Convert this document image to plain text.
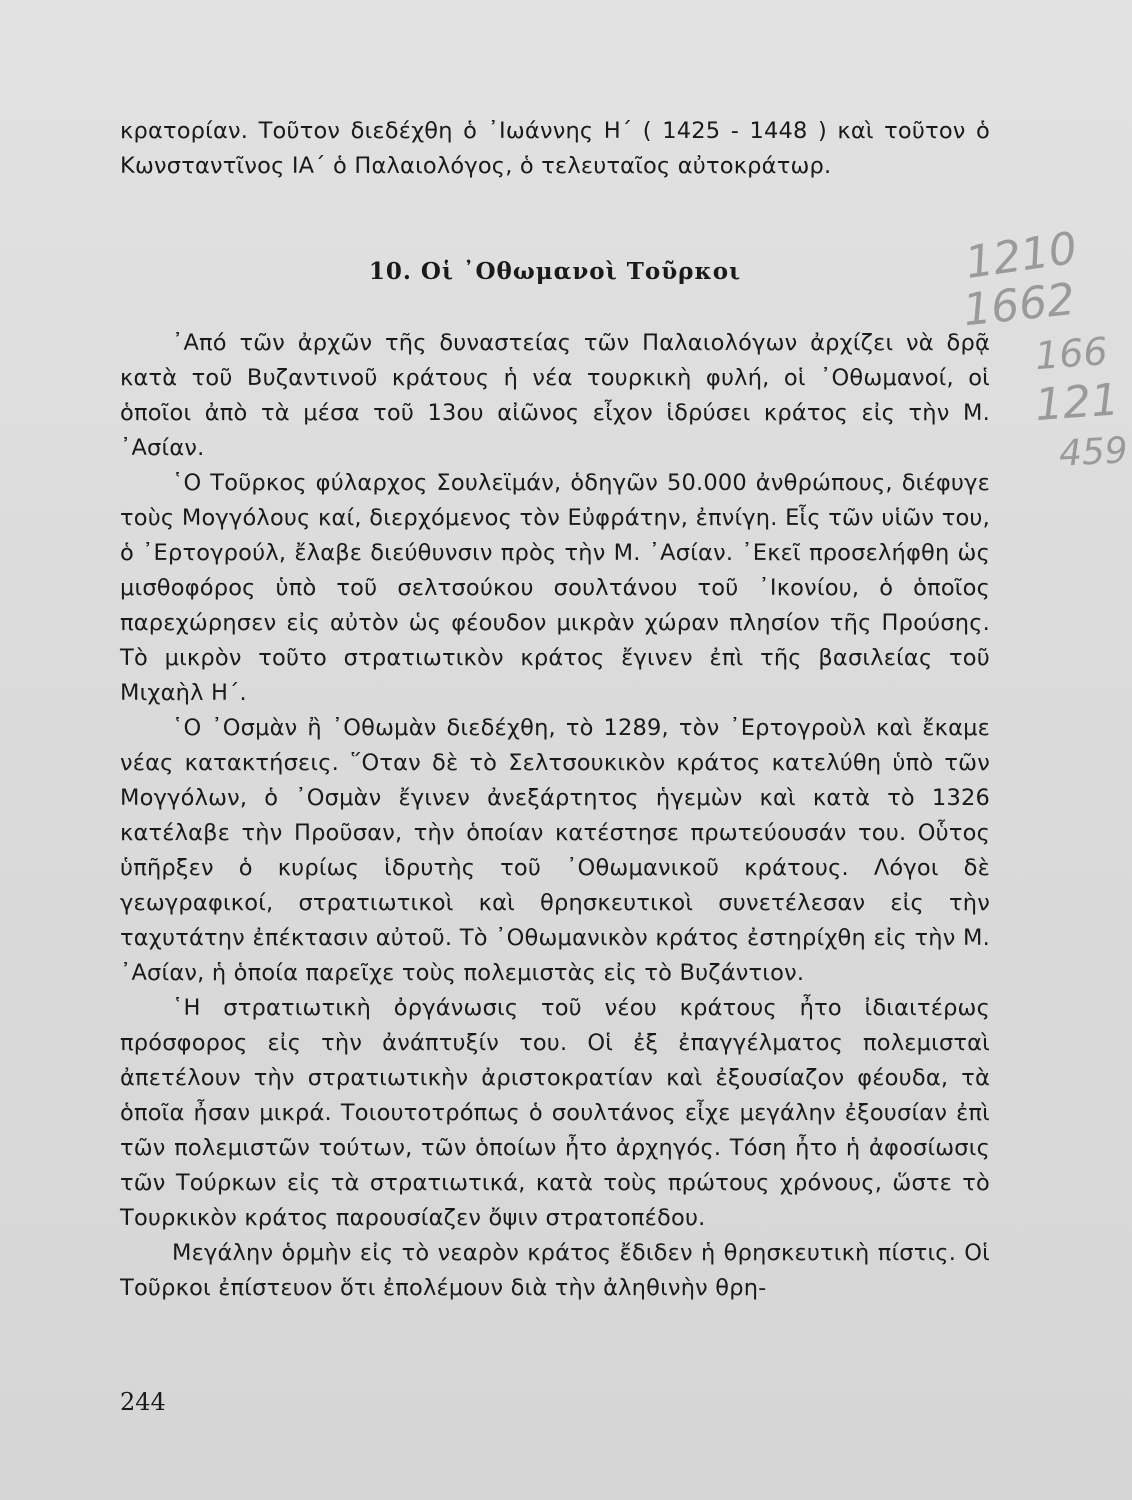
κρατορίαν. Τοῦτον διεδέχθη ὁ ᾿Ιωάννης Η΄ ( 1425 - 1448 ) καὶ τοῦτον ὁ Κωνσταντῖνος ΙΑ΄ ὁ Παλαιολόγος, ὁ τελευταῖος αὐτοκράτωρ.

10. Οἱ ᾿Οθωμανοὶ Τοῦρκοι

᾿Από τῶν ἀρχῶν τῆς δυναστείας τῶν Παλαιολόγων ἀρχίζει νὰ δρᾷ κατὰ τοῦ Βυζαντινοῦ κράτους ἡ νέα τουρκικὴ φυλή, οἱ ᾿Οθωμανοί, οἱ ὁποῖοι ἀπὸ τὰ μέσα τοῦ 13ου αἰῶνος εἶχον ἱδρύσει κράτος εἰς τὴν Μ. ᾿Ασίαν.

῾Ο Τοῦρκος φύλαρχος Σουλεϊμάν, ὁδηγῶν 50.000 ἀνθρώπους, διέφυγε τοὺς Μογγόλους καί, διερχόμενος τὸν Εὐφράτην, ἐπνίγη. Εἷς τῶν υἱῶν του, ὁ ᾿Ερτογρούλ, ἔλαβε διεύθυνσιν πρὸς τὴν Μ. ᾿Ασίαν. ᾿Εκεῖ προσελήφθη ὡς μισθοφόρος ὑπὸ τοῦ σελτσούκου σουλτάνου τοῦ ᾿Ικονίου, ὁ ὁποῖος παρεχώρησεν εἰς αὐτὸν ὡς φέουδον μικρὰν χώραν πλησίον τῆς Προύσης. Τὸ μικρὸν τοῦτο στρατιωτικὸν κράτος ἔγινεν ἐπὶ τῆς βασιλείας τοῦ Μιχαὴλ Η΄.

῾Ο ᾿Οσμὰν ἢ ᾿Οθωμὰν διεδέχθη, τὸ 1289, τὸν ᾿Ερτογροὺλ καὶ ἔκαμε νέας κατακτήσεις. ῞Οταν δὲ τὸ Σελτσουκικὸν κράτος κατελύθη ὑπὸ τῶν Μογγόλων, ὁ ᾿Οσμὰν ἔγινεν ἀνεξάρτητος ἡγεμὼν καὶ κατὰ τὸ 1326 κατέλαβε τὴν Προῦσαν, τὴν ὁποίαν κατέστησε πρωτεύουσάν του. Οὗτος ὑπῆρξεν ὁ κυρίως ἱδρυτὴς τοῦ ᾿Οθωμανικοῦ κράτους. Λόγοι δὲ γεωγραφικοί, στρατιωτικοὶ καὶ θρησκευτικοὶ συνετέλεσαν εἰς τὴν ταχυτάτην ἐπέκτασιν αὐτοῦ. Τὸ ᾿Οθωμανικὸν κράτος ἐστηρίχθη εἰς τὴν Μ. ᾿Ασίαν, ἡ ὁποία παρεῖχε τοὺς πολεμιστὰς εἰς τὸ Βυζάντιον.

῾Η στρατιωτικὴ ὀργάνωσις τοῦ νέου κράτους ἦτο ἰδιαιτέρως πρόσφορος εἰς τὴν ἀνάπτυξίν του. Οἱ ἐξ ἐπαγγέλματος πολεμισταὶ ἀπετέλουν τὴν στρατιωτικὴν ἀριστοκρατίαν καὶ ἐξουσίαζον φέουδα, τὰ ὁποῖα ἦσαν μικρά. Τοιουτοτρόπως ὁ σουλτάνος εἶχε μεγάλην ἐξουσίαν ἐπὶ τῶν πολεμιστῶν τούτων, τῶν ὁποίων ἦτο ἀρχηγός. Τόση ἦτο ἡ ἀφοσίωσις τῶν Τούρκων εἰς τὰ στρατιωτικά, κατὰ τοὺς πρώτους χρόνους, ὥστε τὸ Τουρκικὸν κράτος παρουσίαζεν ὄψιν στρατοπέδου.

Μεγάλην ὁρμὴν εἰς τὸ νεαρὸν κράτος ἔδιδεν ἡ θρησκευτικὴ πίστις. Οἱ Τοῦρκοι ἐπίστευον ὅτι ἐπολέμουν διὰ τὴν ἀληθινὴν θρη-

1210
1662
166
121
459
244
